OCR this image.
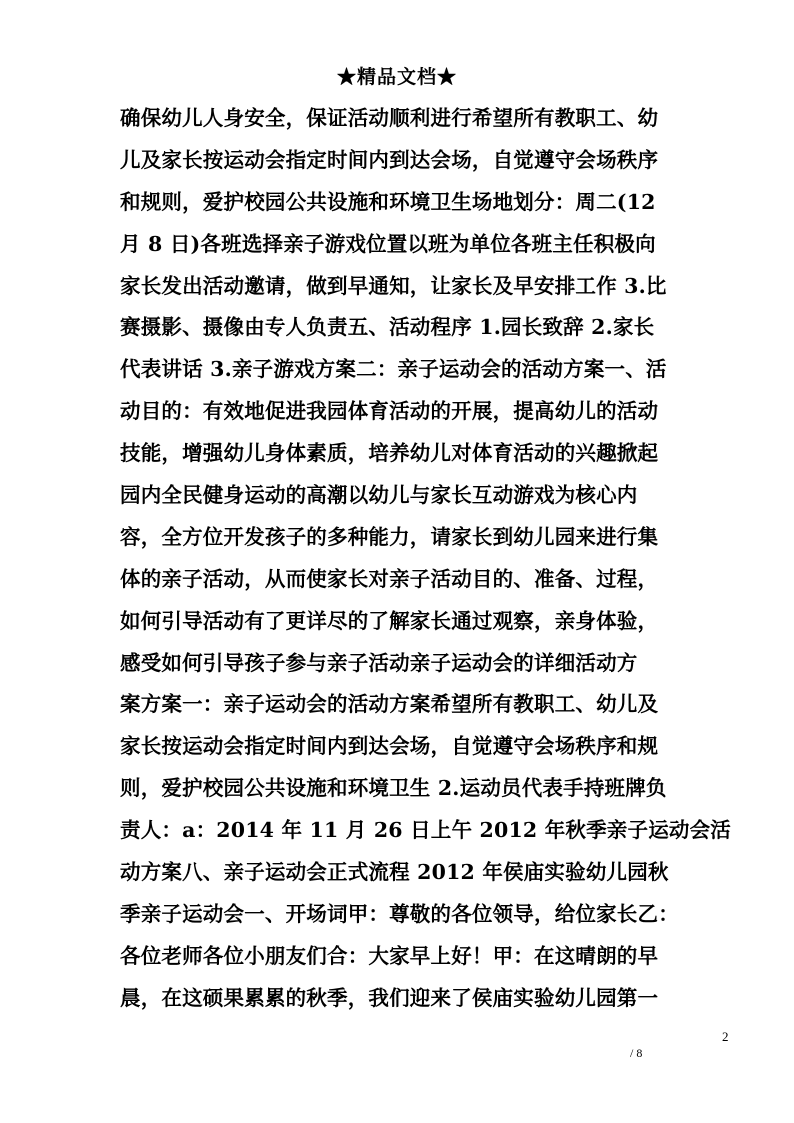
★精品文档★
确保幼儿人身安全，保证活动顺利进行希望所有教职工、幼
儿及家长按运动会指定时间内到达会场，自觉遵守会场秩序
和规则，爱护校园公共设施和环境卫生场地划分：周二(12
月 8 日)各班选择亲子游戏位置以班为单位各班主任积极向
家长发出活动邀请，做到早通知，让家长及早安排工作 3.比
赛摄影、摄像由专人负责五、活动程序 1.园长致辞 2.家长
代表讲话 3.亲子游戏方案二：亲子运动会的活动方案一、活
动目的：有效地促进我园体育活动的开展，提高幼儿的活动
技能，增强幼儿身体素质，培养幼儿对体育活动的兴趣掀起
园内全民健身运动的高潮以幼儿与家长互动游戏为核心内
容，全方位开发孩子的多种能力，请家长到幼儿园来进行集
体的亲子活动，从而使家长对亲子活动目的、准备、过程，
如何引导活动有了更详尽的了解家长通过观察，亲身体验，
感受如何引导孩子参与亲子活动亲子运动会的详细活动方
案方案一：亲子运动会的活动方案希望所有教职工、幼儿及
家长按运动会指定时间内到达会场，自觉遵守会场秩序和规
则，爱护校园公共设施和环境卫生 2.运动员代表手持班牌负
责人：a：2014 年 11 月 26 日上午 2012 年秋季亲子运动会活
动方案八、亲子运动会正式流程 2012 年侯庙实验幼儿园秋
季亲子运动会一、开场词甲：尊敬的各位领导，给位家长乙：
各位老师各位小朋友们合：大家早上好！甲：在这晴朗的早
晨，在这硕果累累的秋季，我们迎来了侯庙实验幼儿园第一
2
/ 8
